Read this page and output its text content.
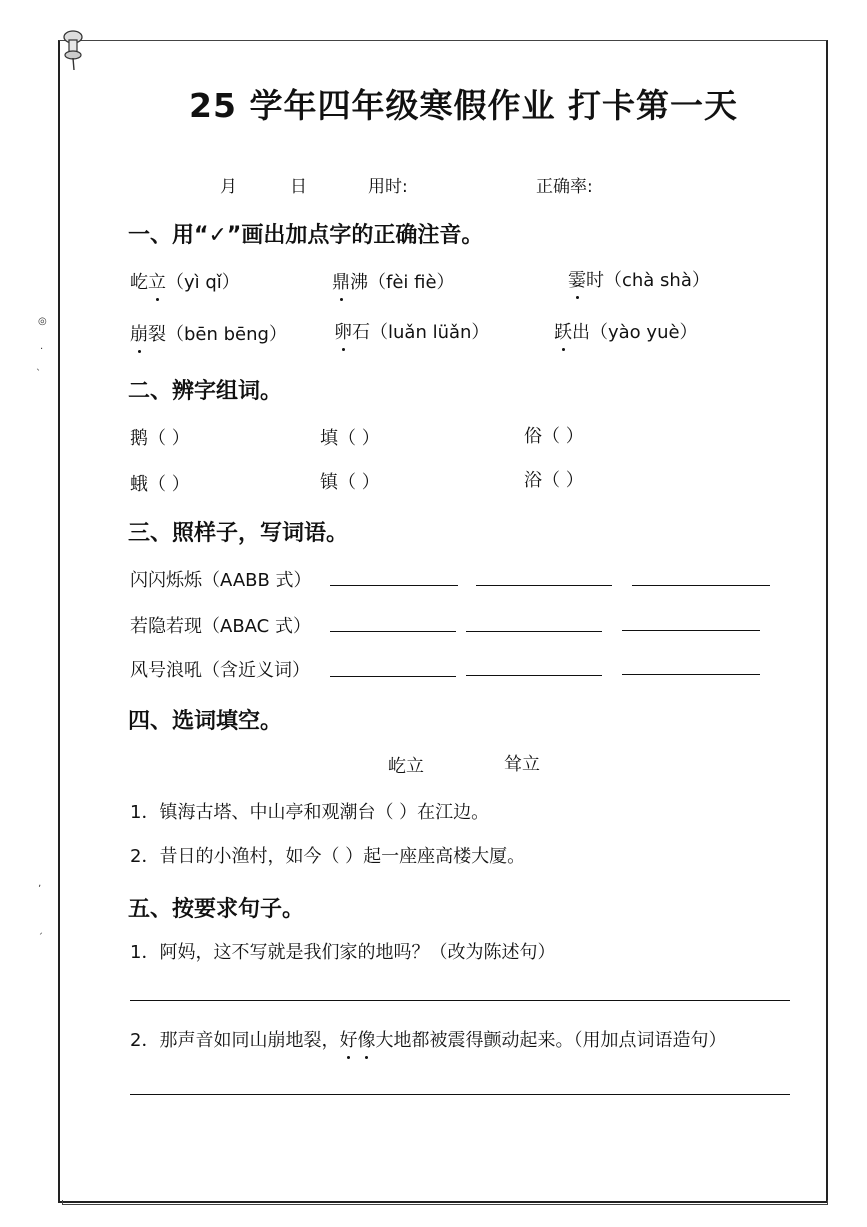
25 学年四年级寒假作业 打卡第一天
月	日	用时:	正确率:
一、用“✓”画出加点字的正确注音。
屹立（yì qǐ）	鼎沸（fèi fiè）	霎时（chà shà）
崩裂（bēn bēng）	卵石（luǎn lüǎn）	跃出（yào yuè）
二、辨字组词。
鹅（ ）	填（ ）	俗（ ）
蛾（ ）	镇（ ）	浴（ ）
三、照样子，写词语。
闪闪烁烁（AABB 式）
若隐若现（ABAC 式）
风号浪吼（含近义词）
四、选词填空。
屹立	耸立
1．镇海古塔、中山亭和观潮台（ ）在江边。
2．昔日的小渔村，如今（ ）起一座座高楼大厦。
五、按要求句子。
1．阿妈，这不写就是我们家的地吗？（改为陈述句）
2．那声音如同山崩地裂，好像大地都被震得颤动起来。（用加点词语造句）
◎
·
ˎ
ʼ
ˏ
